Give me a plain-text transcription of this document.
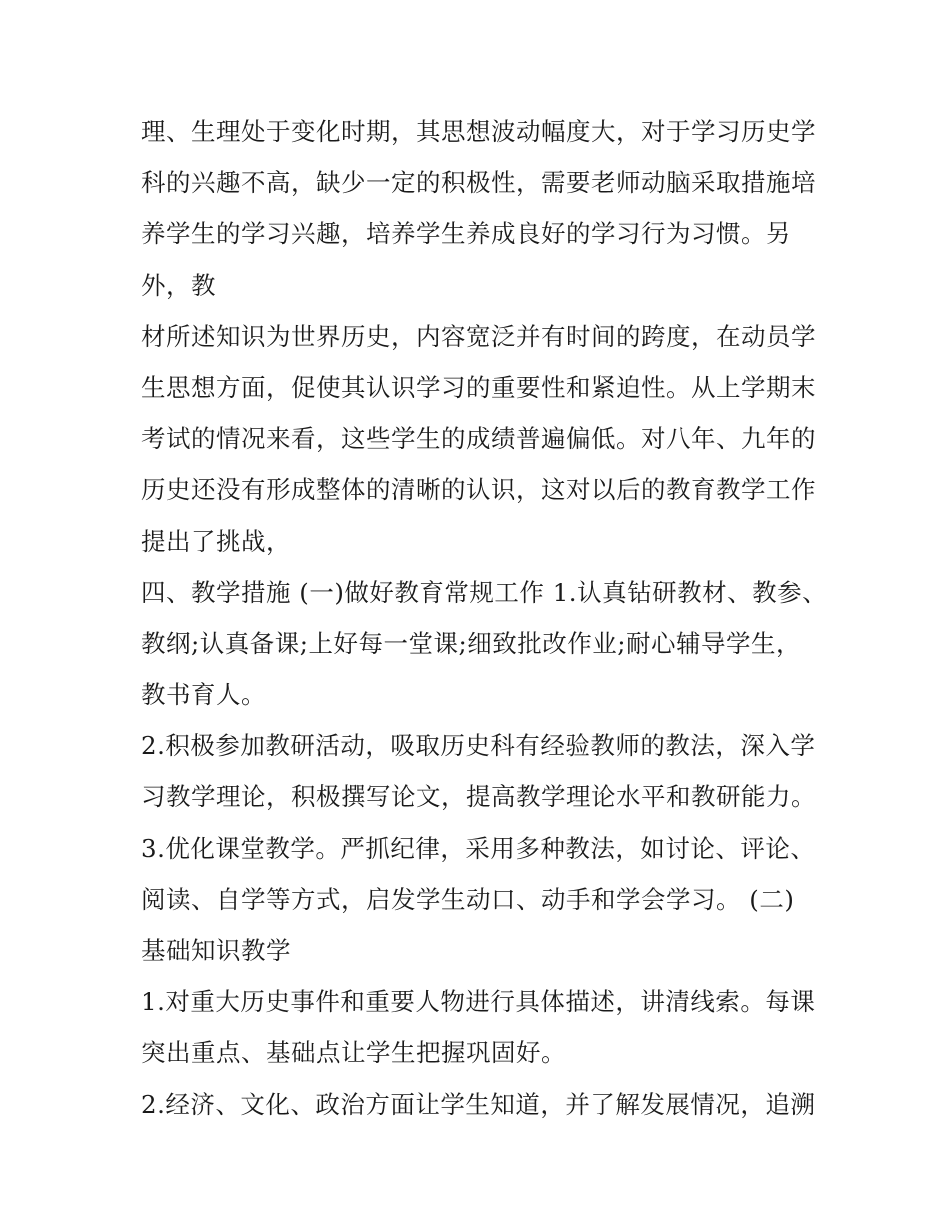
理、生理处于变化时期，其思想波动幅度大，对于学习历史学
科的兴趣不高，缺少一定的积极性，需要老师动脑采取措施培
养学生的学习兴趣，培养学生养成良好的学习行为习惯。另
外，教
材所述知识为世界历史，内容宽泛并有时间的跨度，在动员学
生思想方面，促使其认识学习的重要性和紧迫性。从上学期末
考试的情况来看，这些学生的成绩普遍偏低。对八年、九年的
历史还没有形成整体的清晰的认识，这对以后的教育教学工作
提出了挑战，
四、教学措施 (一)做好教育常规工作 1.认真钻研教材、教参、
教纲;认真备课;上好每一堂课;细致批改作业;耐心辅导学生，
教书育人。
2.积极参加教研活动，吸取历史科有经验教师的教法，深入学
习教学理论，积极撰写论文，提高教学理论水平和教研能力。
3.优化课堂教学。严抓纪律，采用多种教法，如讨论、评论、
阅读、自学等方式，启发学生动口、动手和学会学习。 (二)
基础知识教学
1.对重大历史事件和重要人物进行具体描述，讲清线索。每课
突出重点、基础点让学生把握巩固好。
2.经济、文化、政治方面让学生知道，并了解发展情况，追溯
